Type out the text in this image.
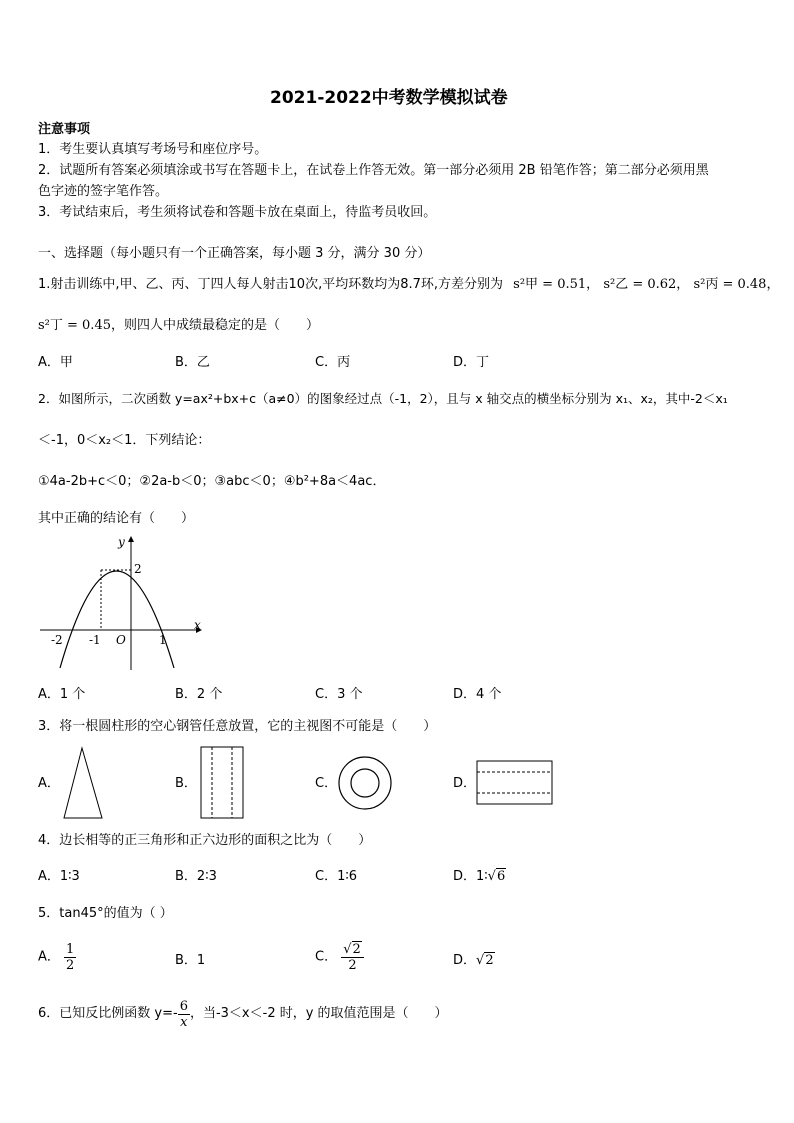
2021-2022中考数学模拟试卷
注意事项
1．考生要认真填写考场号和座位序号。
2．试题所有答案必须填涂或书写在答题卡上，在试卷上作答无效。第一部分必须用 2B 铅笔作答；第二部分必须用黑
色字迹的签字笔作答。
3．考试结束后，考生须将试卷和答题卡放在桌面上，待监考员收回。
一、选择题（每小题只有一个正确答案，每小题 3 分，满分 30 分）
1.射击训练中,甲、乙、丙、丁四人每人射击10次,平均环数均为8.7环,方差分别为 s²甲 = 0.51， s²乙 = 0.62， s²丙 = 0.48，
s²丁 = 0.45，则四人中成绩最稳定的是（　　）
A．甲	B．乙	C．丙	D．丁
2．如图所示，二次函数 y=ax²+bx+c（a≠0）的图象经过点（-1，2），且与 x 轴交点的横坐标分别为 x₁、x₂，其中-2＜x₁
＜-1，0＜x₂＜1．下列结论：
①4a-2b+c＜0；②2a-b＜0；③abc＜0；④b²+8a＜4ac．
其中正确的结论有（　　）
y
x
O
-2 -1	1
2
A．1 个	B．2 个	C．3 个	D．4 个
3．将一根圆柱形的空心钢管任意放置，它的主视图不可能是（　　）
A．	B．	C．	D．
4．边长相等的正三角形和正六边形的面积之比为（　　）
A．1∶3	B．2∶3	C．1∶6	D．1∶√6
5．tan45°的值为（ ）
A． $\frac{1}{2}$	B．1	C． $\frac{√2}{2}$	D．√2
6．已知反比例函数 $y=- \frac{6}{x}$ ，当-3＜x＜-2 时，y 的取值范围是（　　）
